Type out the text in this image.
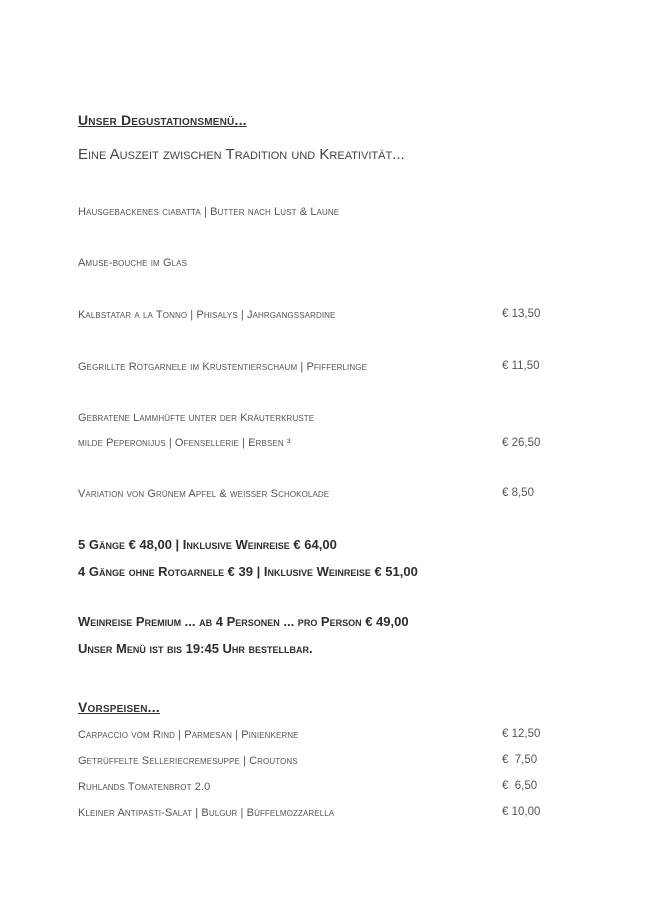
Unser Degustationsmenü...
Eine Auszeit zwischen Tradition und Kreativität...
Hausgebackenes ciabatta | Butter nach Lust & Laune
Amuse-bouche im Glas
Kalbstatar a la Tonno | Phisalys | Jahrgangssardine	€ 13,50
Gegrillte Rotgarnele im Krustentierschaum | Pfifferlinge	€ 11,50
Gebratene Lammhüfte unter der Kräuterkruste
milde Peperonijus | Ofensellerie | Erbsen ³	€ 26,50
Variation von Grünem Apfel & weißer Schokolade	€ 8,50
5 Gänge € 48,00 | Inklusive Weinreise € 64,00
4 Gänge ohne Rotgarnele € 39 | Inklusive Weinreise € 51,00
Weinreise Premium ... ab 4 Personen ... pro Person € 49,00
Unser Menü ist bis 19:45 Uhr bestellbar.
Vorspeisen...
Carpaccio vom Rind | Parmesan | Pinienkerne	€ 12,50
Getrüffelte Selleriecremesuppe | Croutons	€  7,50
Ruhlands Tomatenbrot 2.0	€  6,50
Kleiner Antipasti-Salat | Bulgur | Büffelmozzarella	€ 10,00
